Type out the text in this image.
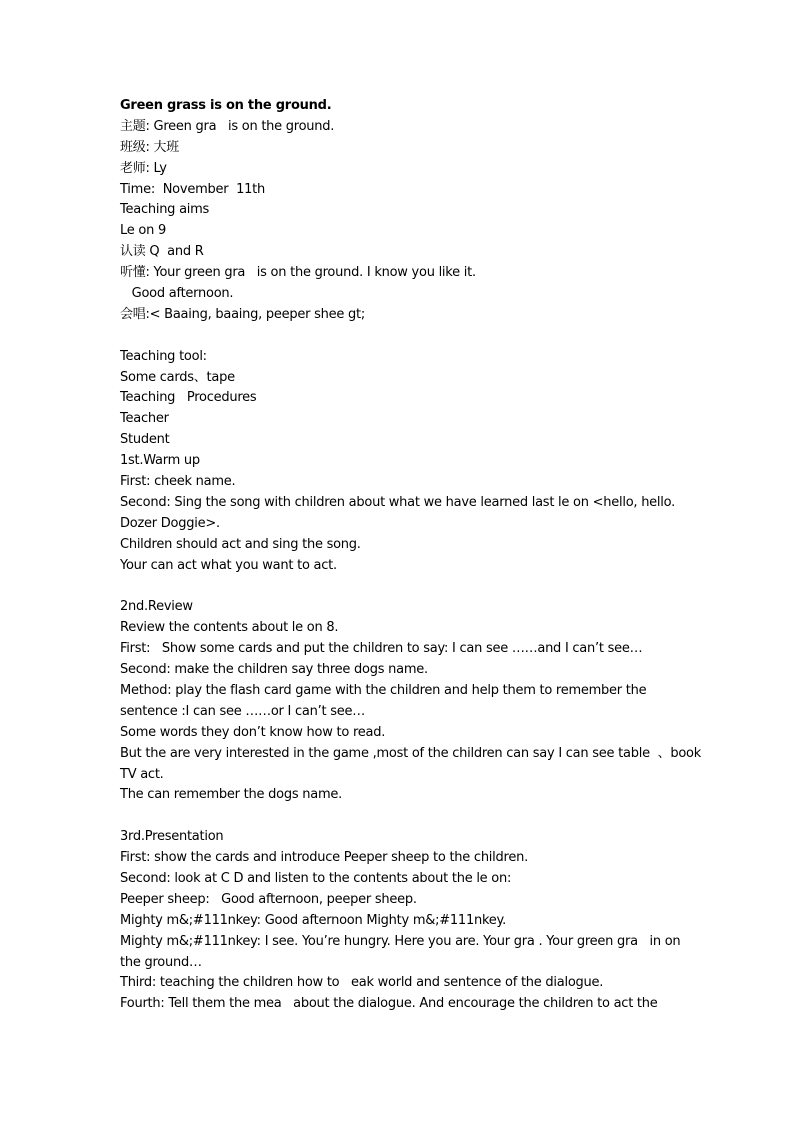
Green grass is on the ground.
主题: Green gra   is on the ground.
班级: 大班
老师: Ly
Time:  November  11th
Teaching aims
Le on 9
认读 Q  and R
听懂: Your green gra   is on the ground. I know you like it.
Good afternoon.
会唱:< Baaing, baaing, peeper shee gt;
Teaching tool:
Some cards、tape
Teaching   Procedures
Teacher
Student
1st.Warm up
First: cheek name.
Second: Sing the song with children about what we have learned last le on <hello, hello.
Dozer Doggie>.
Children should act and sing the song.
Your can act what you want to act.
2nd.Review
Review the contents about le on 8.
First:   Show some cards and put the children to say: I can see ……and I can’t see…
Second: make the children say three dogs name.
Method: play the flash card game with the children and help them to remember the
sentence :I can see ……or I can’t see…
Some words they don’t know how to read.
But the are very interested in the game ,most of the children can say I can see table  、book
TV act.
The can remember the dogs name.
3rd.Presentation
First: show the cards and introduce Peeper sheep to the children.
Second: look at C D and listen to the contents about the le on:
Peeper sheep:   Good afternoon, peeper sheep.
Mighty m&;#111nkey: Good afternoon Mighty m&;#111nkey.
Mighty m&;#111nkey: I see. You’re hungry. Here you are. Your gra . Your green gra   in on
the ground…
Third: teaching the children how to   eak world and sentence of the dialogue.
Fourth: Tell them the mea   about the dialogue. And encourage the children to act the
